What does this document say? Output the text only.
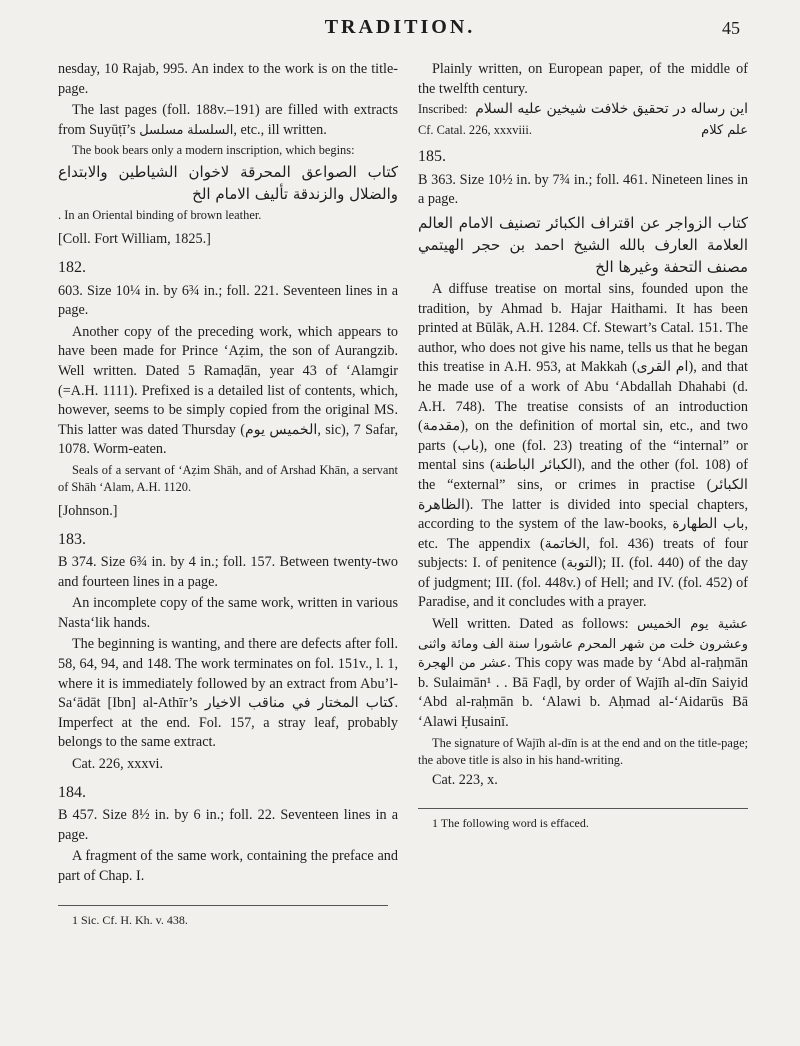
TRADITION.	45

nesday, 10 Rajab, 995. An index to the work is on the title-page.

The last pages (foll. 188v.–191) are filled with extracts from Suyūṭī’s	السلسلة مسلسل	, etc., ill written.

The book bears only a modern inscription, which begins:

كتاب الصواعق المحرقة لاخوان الشياطين والابتداع والضلال والزندقة تأليف الامام الخ

. In an Oriental binding of brown leather.

[Coll. Fort William, 1825.]

182.

603. Size 10¼ in. by 6¾ in.; foll. 221. Seventeen lines in a page.

Another copy of the preceding work, which appears to have been made for Prince ‘Aẓim, the son of Aurangzib. Well written. Dated 5 Ramaḍān, year 43 of ‘Alamgir (=A.H. 1111). Prefixed is a detailed list of contents, which, however, seems to be simply copied from the original MS. This latter was dated Thursday (الخميس يوم, sic), 7 Safar, 1078. Worm-eaten.

Seals of a servant of ‘Aẓim Shāh, and of Arshad Khān, a servant of Shāh ‘Alam, A.H. 1120.

[Johnson.]

183.

B 374. Size 6¾ in. by 4 in.; foll. 157. Between twenty-two and fourteen lines in a page.

An incomplete copy of the same work, written in various Nasta‘lik hands.

The beginning is wanting, and there are defects after foll. 58, 64, 94, and 148. The work terminates on fol. 151v., l. 1, where it is immediately followed by an extract from Abu’l-Sa‘ādāt [Ibn] al-Athīr’s كتاب المختار في مناقب الاخيار. Imperfect at the end. Fol. 157, a stray leaf, probably belongs to the same extract.

Cat. 226, xxxvi.

184.

B 457. Size 8½ in. by 6 in.; foll. 22. Seventeen lines in a page.

A fragment of the same work, containing the preface and part of Chap. I.

1 Sic. Cf. H. Kh. v. 438.

Plainly written, on European paper, of the middle of the twelfth century.

Inscribed: این رساله در تحقیق خلافت شیخین علیه السلام

Cf. Catal. 226, xxxviii.	علم کلام

185.

B 363. Size 10½ in. by 7¾ in.; foll. 461. Nineteen lines in a page.

كتاب الزواجر عن اقتراف الكبائر تصنيف الامام العالم العلامة العارف بالله الشيخ احمد بن حجر الهيتمي مصنف التحفة وغيرها الخ

A diffuse treatise on mortal sins, founded upon the tradition, by Ahmad b. Hajar Haithami. It has been printed at Būlāk, A.H. 1284. Cf. Stewart’s Catal. 151. The author, who does not give his name, tells us that he began this treatise in A.H. 953, at Makkah (ام القرى), and that he made use of a work of Abu ‘Abdallah Dhahabi (d. A.H. 748). The treatise consists of an introduction (مقدمة), on the definition of mortal sin, etc., and two parts (باب), one (fol. 23) treating of the “internal” or mental sins (الكبائر الباطنة), and the other (fol. 108) of the “external” sins, or crimes in practise (الكبائر الظاهرة). The latter is divided into special chapters, according to the system of the law-books, باب الطهارة, etc. The appendix (الخاتمة, fol. 436) treats of four subjects: I. of penitence (التوبة); II. (fol. 440) of the day of judgment; III. (fol. 448v.) of Hell; and IV. (fol. 452) of Paradise, and it concludes with a prayer.

Well written. Dated as follows: عشية يوم الخميس وعشرون خلت من شهر المحرم عاشورا سنة الف ومائة واثنى عشر من الهجرة. This copy was made by ‘Abd al-raḥmān b. Sulaimān¹ . . Bā Faḍl, by order of Wajīh al-dīn Saiyid ‘Abd al-raḥmān b. ‘Alawi b. Aḥmad al-‘Aidarūs Bā ‘Alawi Ḥusainī.

The signature of Wajīh al-dīn is at the end and on the title-page; the above title is also in his hand-writing.

Cat. 223, x.

1 The following word is effaced.
